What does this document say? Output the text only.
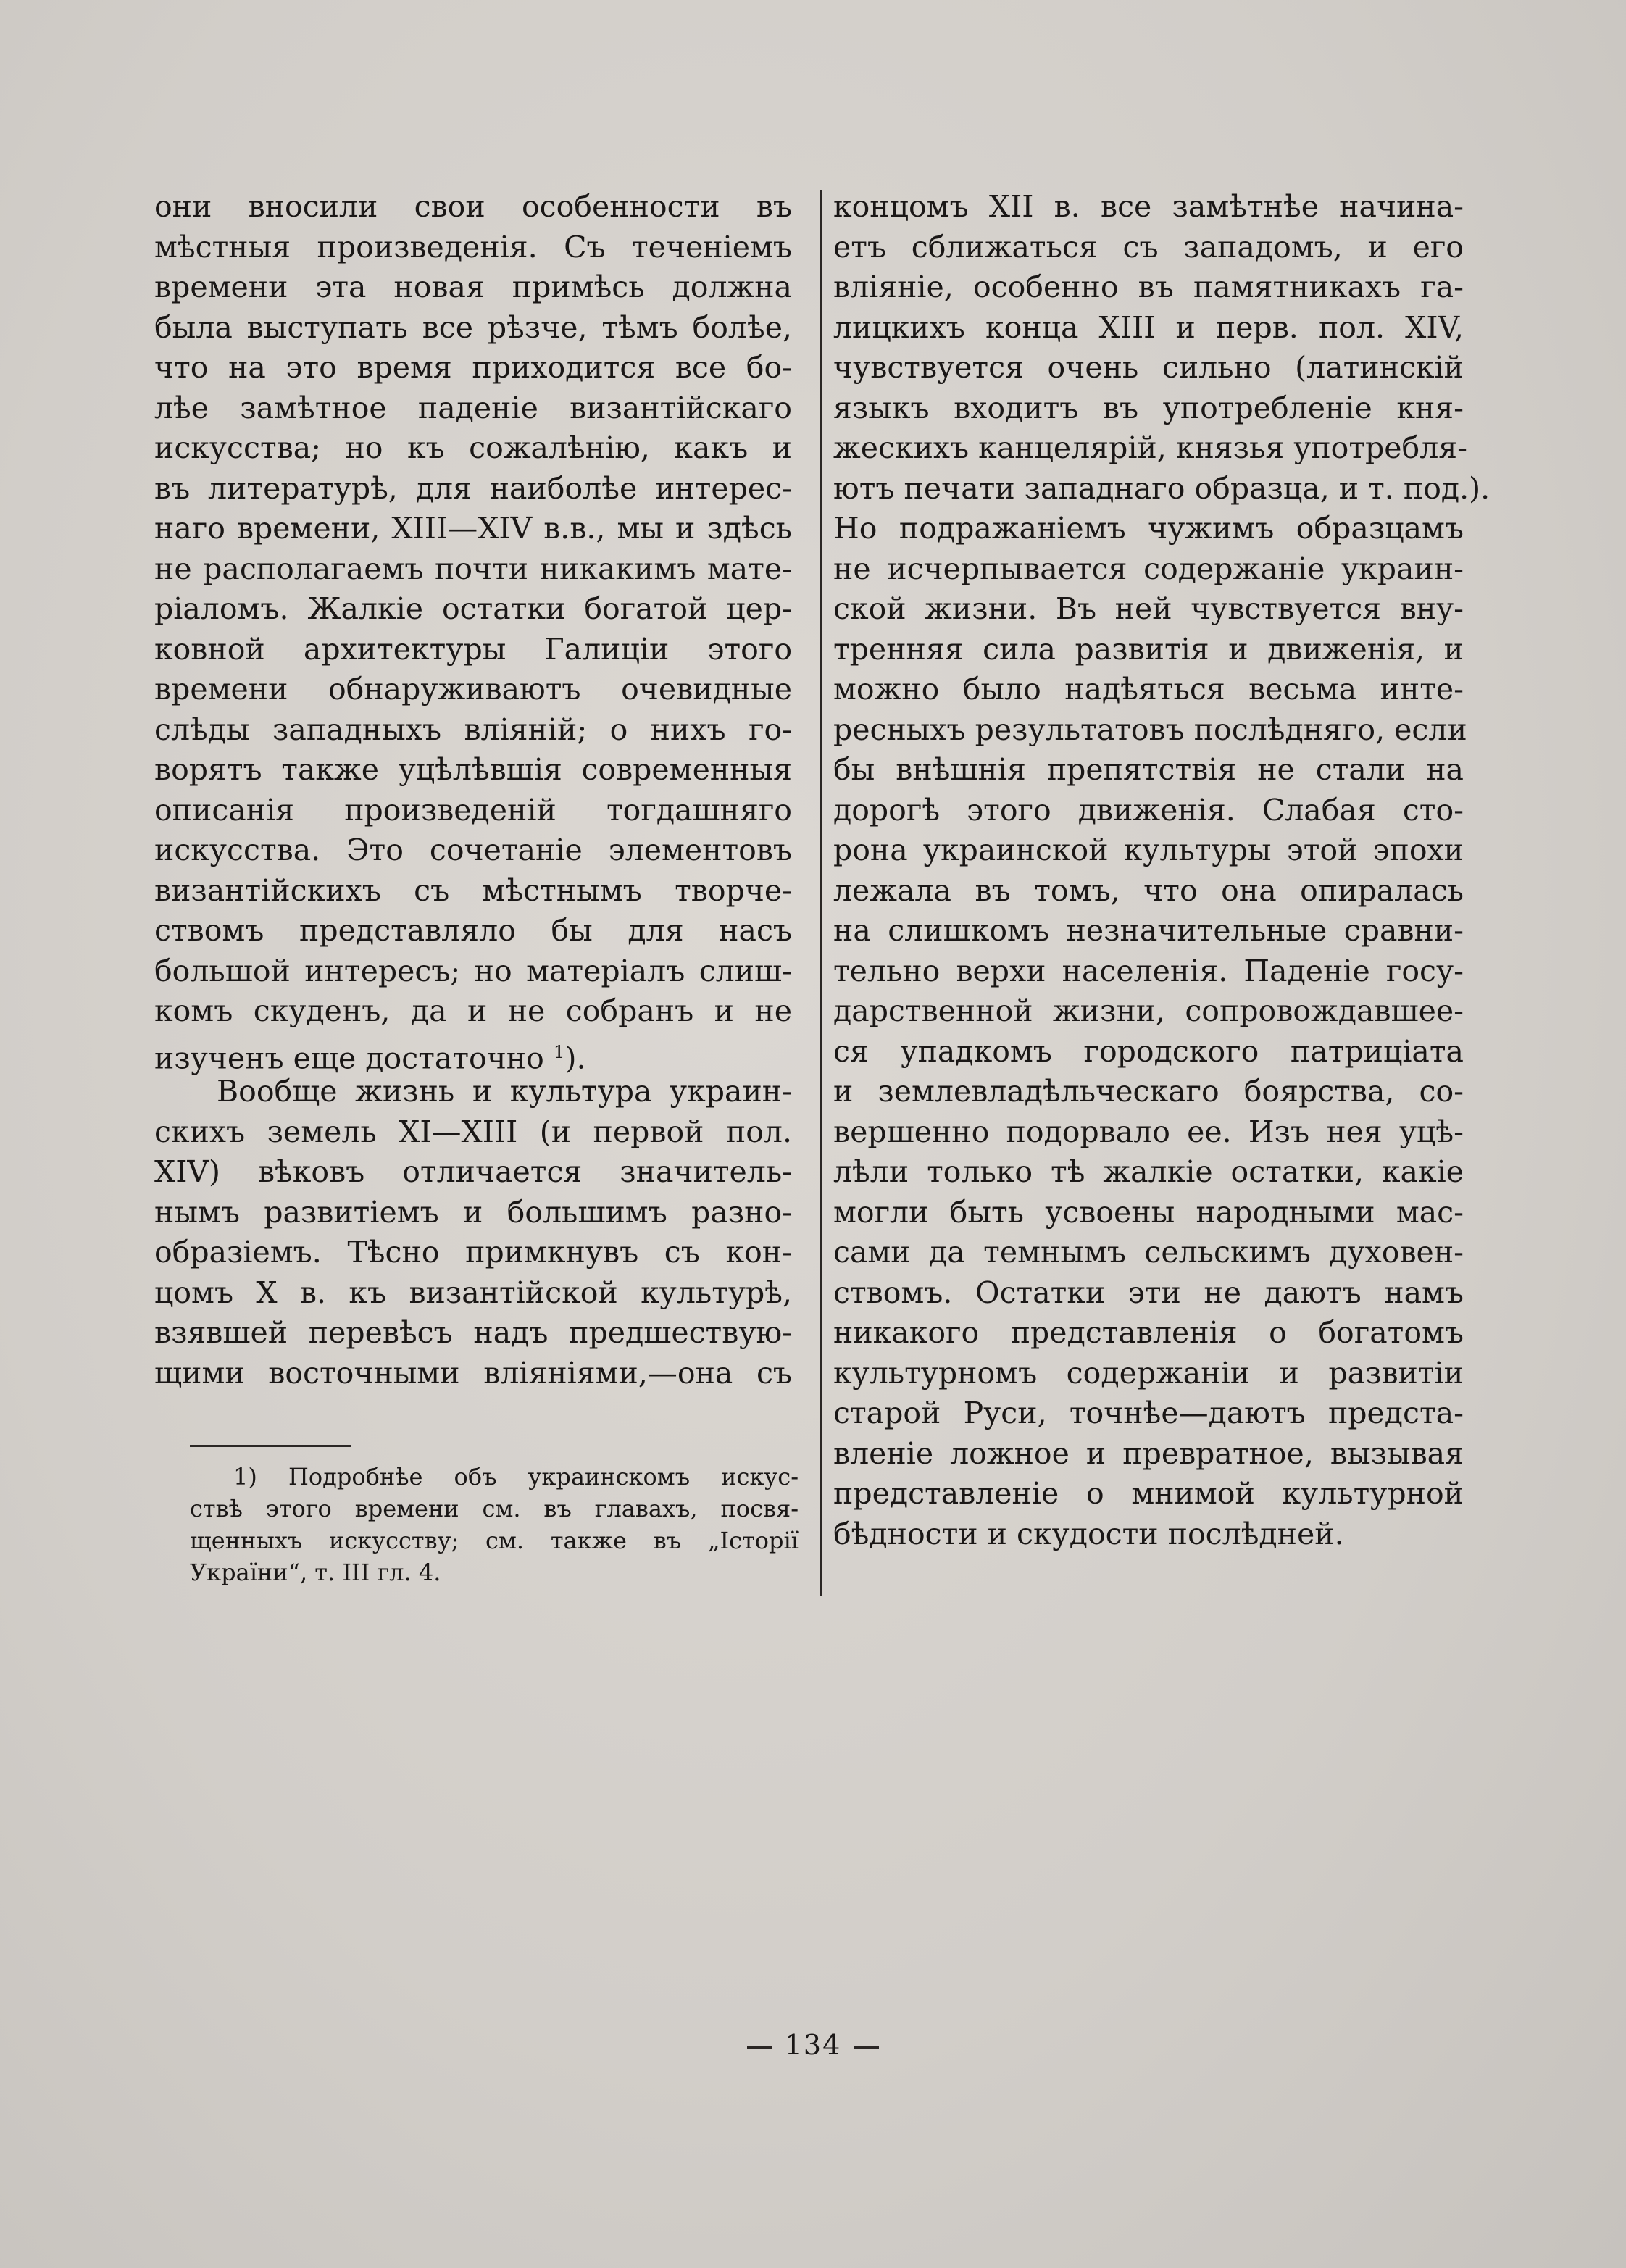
они вносили свои особенности въ
мѣстныя произведенія. Съ теченіемъ
времени эта новая примѣсь должна
была выступать все рѣзче, тѣмъ болѣе,
что на это время приходится все бо-
лѣе замѣтное паденіе византійскаго
искусства; но къ сожалѣнію, какъ и
въ литературѣ, для наиболѣе интерес-
наго времени, XIII—XIV в.в., мы и здѣсь
не располагаемъ почти никакимъ мате-
ріаломъ. Жалкіе остатки богатой цер-
ковной архитектуры Галиціи этого
времени обнаруживаютъ очевидные
слѣды западныхъ вліяній; о нихъ го-
ворятъ также уцѣлѣвшія современныя
описанія произведеній тогдашняго
искусства. Это сочетаніе элементовъ
византійскихъ съ мѣстнымъ творче-
ствомъ представляло бы для насъ
большой интересъ; но матеріалъ слиш-
комъ скуденъ, да и не собранъ и не
изученъ еще достаточно $^1$).
Вообще жизнь и культура украин-
скихъ земель XI—XIII (и первой пол.
XIV) вѣковъ отличается значитель-
нымъ развитіемъ и большимъ разно-
образіемъ. Тѣсно примкнувъ съ кон-
цомъ X в. къ византійской культурѣ,
взявшей перевѣсъ надъ предшествую-
щими восточными вліяніями,—она съ
концомъ XII в. все замѣтнѣе начина-
етъ сближаться съ западомъ, и его
вліяніе, особенно въ памятникахъ га-
лицкихъ конца XIII и перв. пол. XIV,
чувствуется очень сильно (латинскій
языкъ входитъ въ употребленіе кня-
жескихъ канцелярій, князья употребля-
ютъ печати западнаго образца, и т. под.).
Но подражаніемъ чужимъ образцамъ
не исчерпывается содержаніе украин-
ской жизни. Въ ней чувствуется вну-
тренняя сила развитія и движенія, и
можно было надѣяться весьма инте-
ресныхъ результатовъ послѣдняго, если
бы внѣшнія препятствія не стали на
дорогѣ этого движенія. Слабая сто-
рона украинской культуры этой эпохи
лежала въ томъ, что она опиралась
на слишкомъ незначительные сравни-
тельно верхи населенія. Паденіе госу-
дарственной жизни, сопровождавшее-
ся упадкомъ городского патриціата
и землевладѣльческаго боярства, со-
вершенно подорвало ее. Изъ нея уцѣ-
лѣли только тѣ жалкіе остатки, какіе
могли быть усвоены народными мас-
сами да темнымъ сельскимъ духовен-
ствомъ. Остатки эти не даютъ намъ
никакого представленія о богатомъ
культурномъ содержаніи и развитіи
старой Руси, точнѣе—даютъ предста-
вленіе ложное и превратное, вызывая
представленіе о мнимой культурной
бѣдности и скудости послѣдней.
1) Подробнѣе объ украинскомъ искус-
ствѣ этого времени см. въ главахъ, посвя-
щенныхъ искусству; см. также въ „Історії
України“, т. III гл. 4.
134
